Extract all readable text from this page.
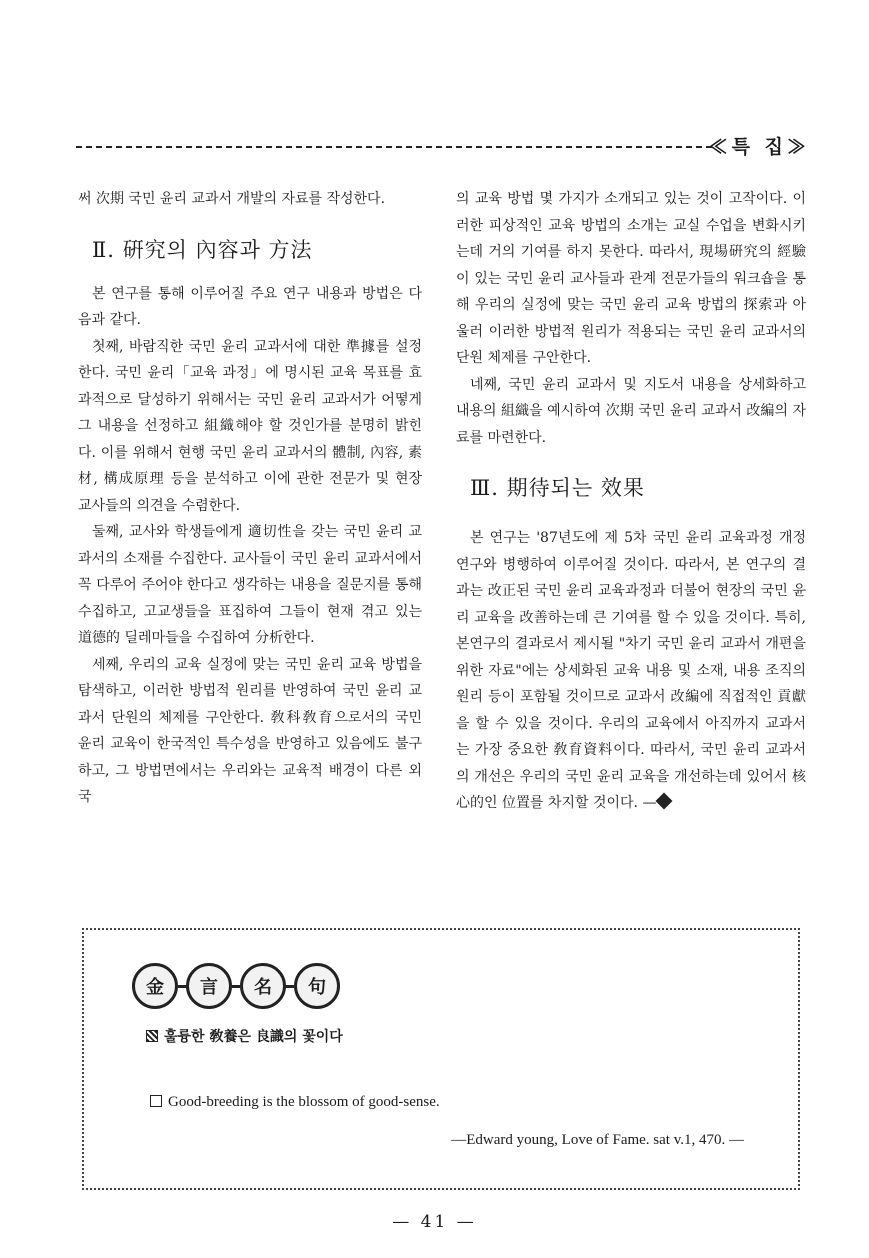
≪특 집≫

써 次期 국민 윤리 교과서 개발의 자료를 작성한다.

Ⅱ. 硏究의 內容과 方法

본 연구를 통해 이루어질 주요 연구 내용과 방법은 다음과 같다.

첫째, 바람직한 국민 윤리 교과서에 대한 準據를 설정한다. 국민 윤리「교육 과정」에 명시된 교육 목표를 효과적으로 달성하기 위해서는 국민 윤리 교과서가 어떻게 그 내용을 선정하고 組織해야 할 것인가를 분명히 밝힌다. 이를 위해서 현행 국민 윤리 교과서의 體制, 內容, 素材, 構成原理 등을 분석하고 이에 관한 전문가 및 현장 교사들의 의견을 수렴한다.

둘째, 교사와 학생들에게 適切性을 갖는 국민 윤리 교과서의 소재를 수집한다. 교사들이 국민 윤리 교과서에서 꼭 다루어 주어야 한다고 생각하는 내용을 질문지를 통해 수집하고, 고교생들을 표집하여 그들이 현재 겪고 있는 道德的 딜레마들을 수집하여 分析한다.

세째, 우리의 교육 실정에 맞는 국민 윤리 교육 방법을 탐색하고, 이러한 방법적 원리를 반영하여 국민 윤리 교과서 단원의 체제를 구안한다. 敎科敎育으로서의 국민 윤리 교육이 한국적인 특수성을 반영하고 있음에도 불구하고, 그 방법면에서는 우리와는 교육적 배경이 다른 외국

의 교육 방법 몇 가지가 소개되고 있는 것이 고작이다. 이러한 피상적인 교육 방법의 소개는 교실 수업을 변화시키는데 거의 기여를 하지 못한다. 따라서, 現場硏究의 經驗이 있는 국민 윤리 교사들과 관계 전문가들의 워크숍을 통해 우리의 실정에 맞는 국민 윤리 교육 방법의 探索과 아울러 이러한 방법적 원리가 적용되는 국민 윤리 교과서의 단원 체제를 구안한다.

네째, 국민 윤리 교과서 및 지도서 내용을 상세화하고 내용의 組織을 예시하여 次期 국민 윤리 교과서 改編의 자료를 마련한다.

Ⅲ. 期待되는 效果

본 연구는 '87년도에 제 5차 국민 윤리 교육과정 개정 연구와 병행하여 이루어질 것이다. 따라서, 본 연구의 결과는 改正된 국민 윤리 교육과정과 더불어 현장의 국민 윤리 교육을 改善하는데 큰 기여를 할 수 있을 것이다. 특히, 본연구의 결과로서 제시될 "차기 국민 윤리 교과서 개편을 위한 자료"에는 상세화된 교육 내용 및 소재, 내용 조직의 원리 등이 포함될 것이므로 교과서 改編에 직접적인 貢獻을 할 수 있을 것이다. 우리의 교육에서 아직까지 교과서는 가장 중요한 敎育資料이다. 따라서, 국민 윤리 교과서의 개선은 우리의 국민 윤리 교육을 개선하는데 있어서 核心的인 位置를 차지할 것이다. —

金	言	名	句
훌륭한 敎養은 良識의 꽃이다
Good-breeding is the blossom of good-sense.
—Edward young, Love of Fame. sat v.1, 470. —
— 41 —
